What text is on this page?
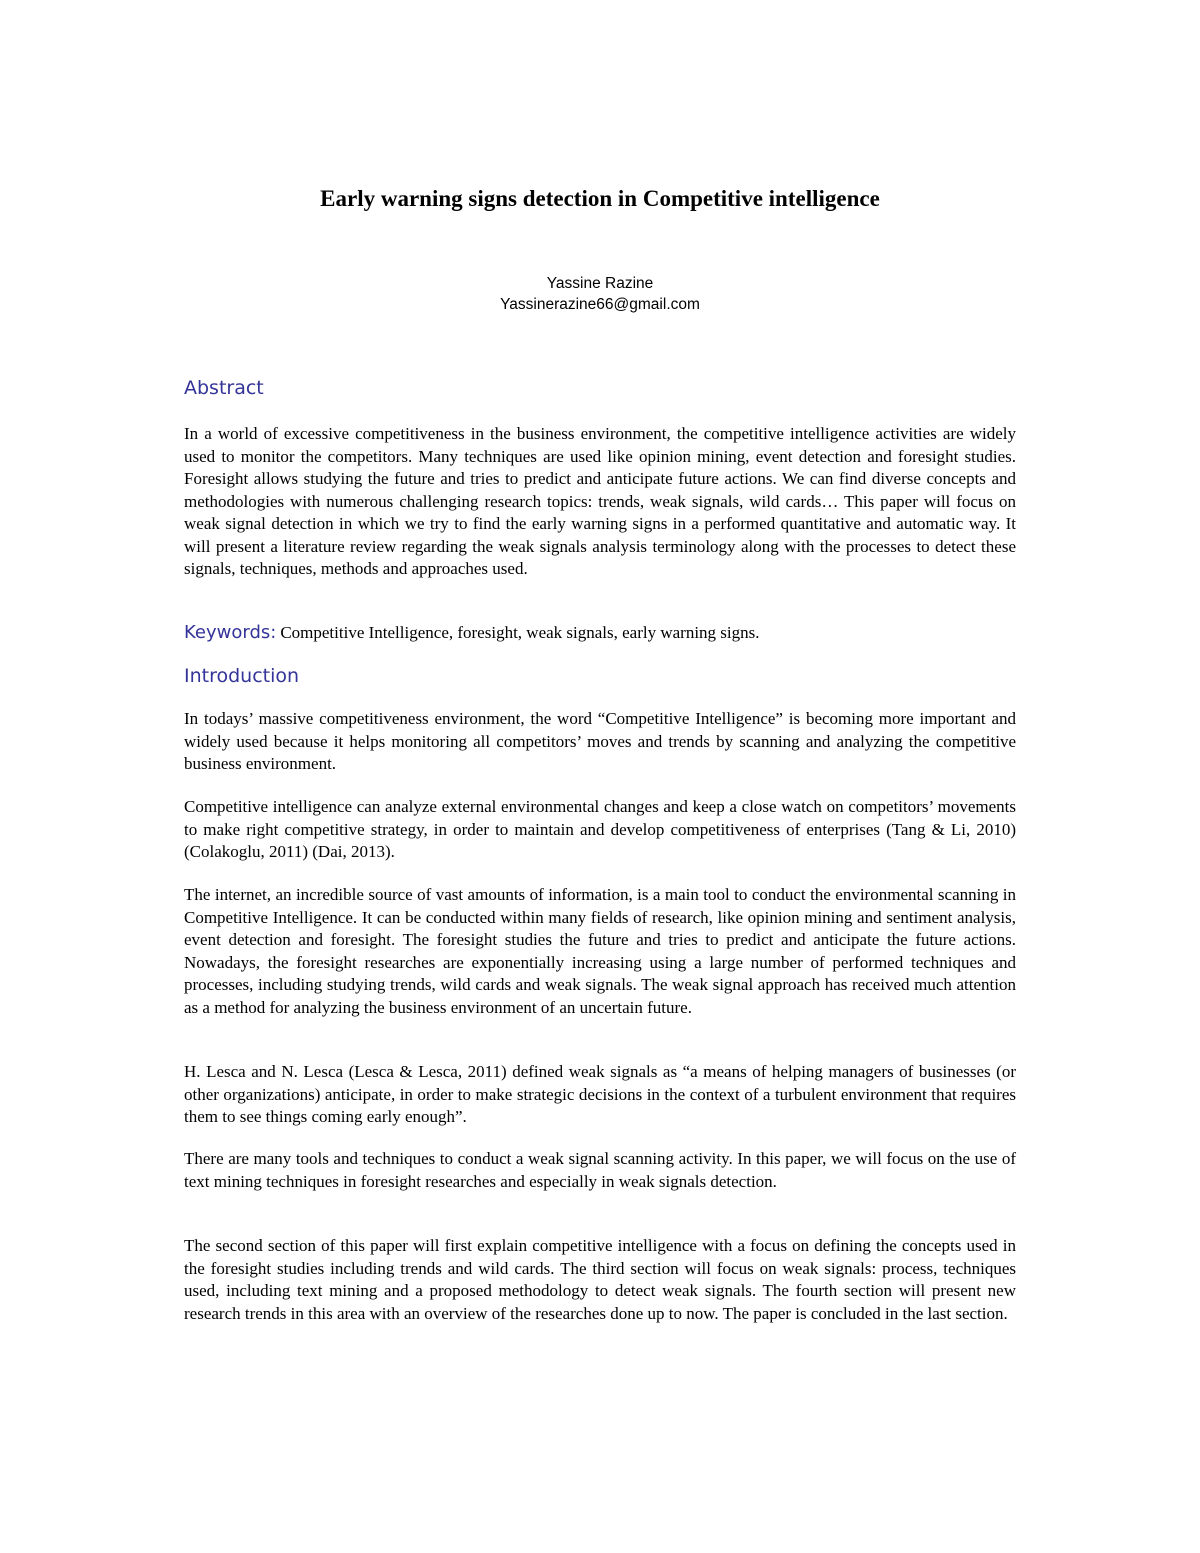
Early warning signs detection in Competitive intelligence

Yassine Razine

Yassinerazine66@gmail.com

Abstract

In a world of excessive competitiveness in the business environment, the competitive intelligence activities are widely used to monitor the competitors. Many techniques are used like opinion mining, event detection and foresight studies. Foresight allows studying the future and tries to predict and anticipate future actions. We can find diverse concepts and methodologies with numerous challenging research topics: trends, weak signals, wild cards… This paper will focus on weak signal detection in which we try to find the early warning signs in a performed quantitative and automatic way. It will present a literature review regarding the weak signals analysis terminology along with the processes to detect these signals, techniques, methods and approaches used.

Keywords: Competitive Intelligence, foresight, weak signals, early warning signs.

Introduction

In todays’ massive competitiveness environment, the word “Competitive Intelligence” is becoming more important and widely used because it helps monitoring all competitors’ moves and trends by scanning and analyzing the competitive business environment.

Competitive intelligence can analyze external environmental changes and keep a close watch on competitors’ movements to make right competitive strategy, in order to maintain and develop competitiveness of enterprises (Tang & Li, 2010) (Colakoglu, 2011) (Dai, 2013).

The internet, an incredible source of vast amounts of information, is a main tool to conduct the environmental scanning in Competitive Intelligence. It can be conducted within many fields of research, like opinion mining and sentiment analysis, event detection and foresight. The foresight studies the future and tries to predict and anticipate the future actions. Nowadays, the foresight researches are exponentially increasing using a large number of performed techniques and processes, including studying trends, wild cards and weak signals. The weak signal approach has received much attention as a method for analyzing the business environment of an uncertain future.

H. Lesca and N. Lesca (Lesca & Lesca, 2011) defined weak signals as “a means of helping managers of businesses (or other organizations) anticipate, in order to make strategic decisions in the context of a turbulent environment that requires them to see things coming early enough”.

There are many tools and techniques to conduct a weak signal scanning activity. In this paper, we will focus on the use of text mining techniques in foresight researches and especially in weak signals detection.

The second section of this paper will first explain competitive intelligence with a focus on defining the concepts used in the foresight studies including trends and wild cards. The third section will focus on weak signals: process, techniques used, including text mining and a proposed methodology to detect weak signals. The fourth section will present new research trends in this area with an overview of the researches done up to now. The paper is concluded in the last section.
